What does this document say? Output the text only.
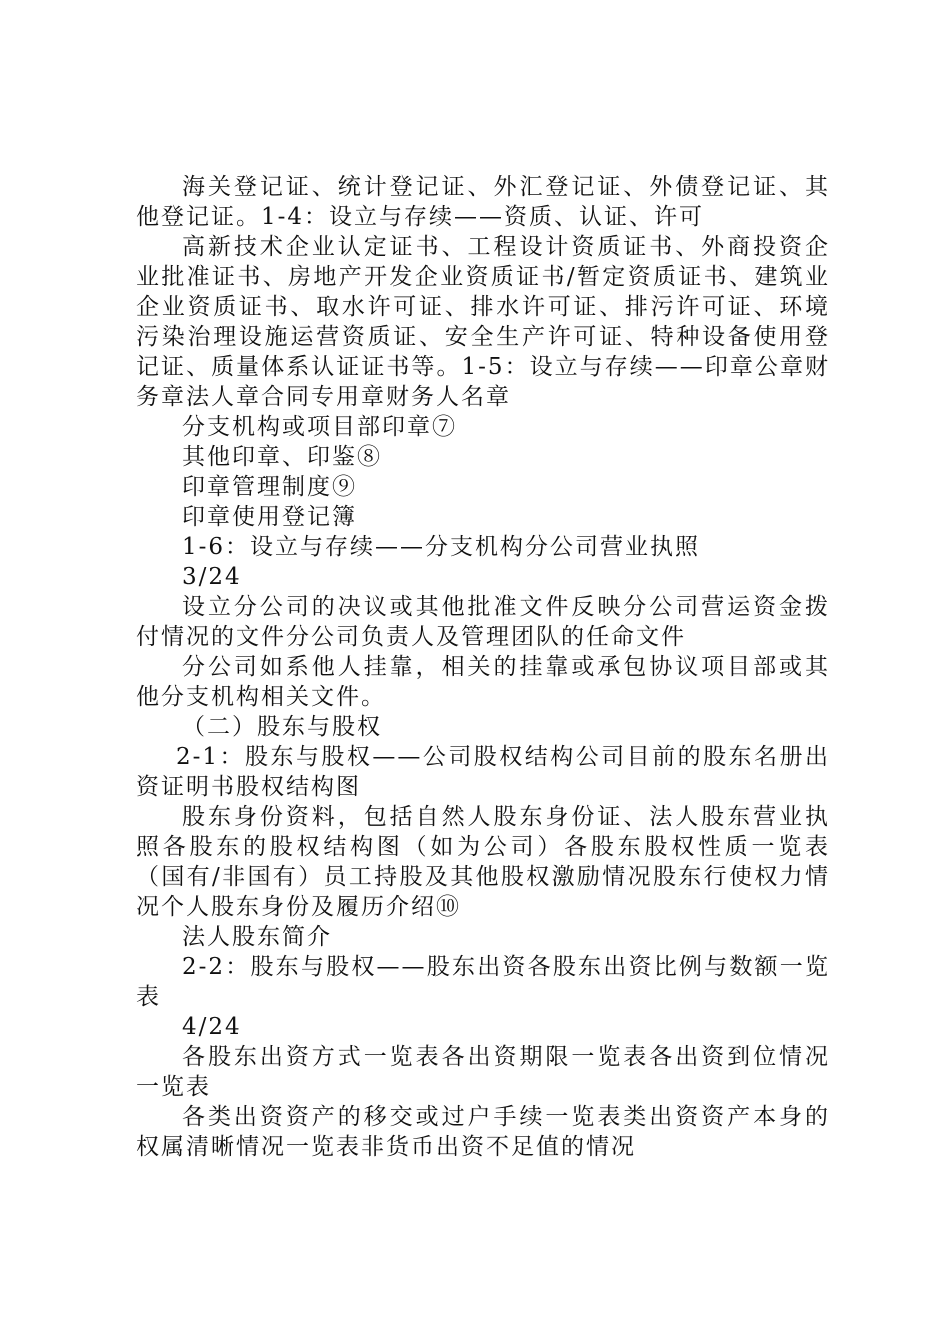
海关登记证、统计登记证、外汇登记证、外债登记证、其他登记证。1-4：设立与存续——资质、认证、许可

高新技术企业认定证书、工程设计资质证书、外商投资企业批准证书、房地产开发企业资质证书/暂定资质证书、建筑业企业资质证书、取水许可证、排水许可证、排污许可证、环境污染治理设施运营资质证、安全生产许可证、特种设备使用登记证、质量体系认证证书等。1-5：设立与存续——印章公章财务章法人章合同专用章财务人名章

分支机构或项目部印章⑦

其他印章、印鉴⑧

印章管理制度⑨

印章使用登记簿

1-6：设立与存续——分支机构分公司营业执照

3/24

设立分公司的决议或其他批准文件反映分公司营运资金拨付情况的文件分公司负责人及管理团队的任命文件

分公司如系他人挂靠，相关的挂靠或承包协议项目部或其他分支机构相关文件。

（二）股东与股权

2-1：股东与股权——公司股权结构公司目前的股东名册出资证明书股权结构图

股东身份资料，包括自然人股东身份证、法人股东营业执照各股东的股权结构图（如为公司）各股东股权性质一览表（国有/非国有）员工持股及其他股权激励情况股东行使权力情况个人股东身份及履历介绍⑩

法人股东简介

2-2：股东与股权——股东出资各股东出资比例与数额一览表

4/24

各股东出资方式一览表各出资期限一览表各出资到位情况一览表

各类出资资产的移交或过户手续一览表类出资资产本身的权属清晰情况一览表非货币出资不足值的情况
